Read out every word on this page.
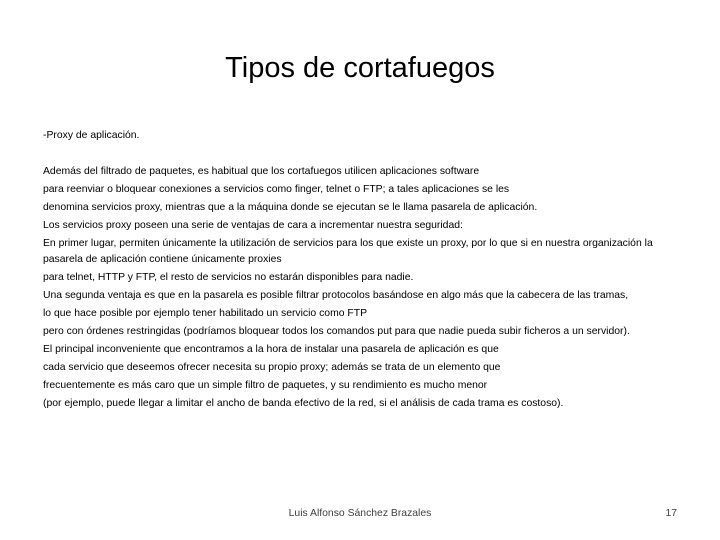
Tipos de cortafuegos

-Proxy de aplicación.

Además del filtrado de paquetes, es habitual que los cortafuegos utilicen aplicaciones software

para reenviar o bloquear conexiones a servicios como finger, telnet o FTP; a tales aplicaciones se les

denomina servicios proxy, mientras que a la máquina donde se ejecutan se le llama pasarela de aplicación.

Los servicios proxy poseen una serie de ventajas de cara a incrementar nuestra seguridad:

En primer lugar, permiten únicamente la utilización de servicios para los que existe un proxy, por lo que si en nuestra organización la pasarela de aplicación contiene únicamente proxies

para telnet, HTTP y FTP, el resto de servicios no estarán disponibles para nadie.

Una segunda ventaja es que en la pasarela es posible filtrar protocolos basándose en algo más que la cabecera de las tramas,

lo que hace posible por ejemplo tener habilitado un servicio como FTP

pero con órdenes restringidas (podríamos bloquear todos los comandos put para que nadie pueda subir ficheros a un servidor).

El principal inconveniente que encontramos a la hora de instalar una pasarela de aplicación es que

cada servicio que deseemos ofrecer necesita su propio proxy; además se trata de un elemento que

frecuentemente es más caro que un simple filtro de paquetes, y su rendimiento es mucho menor

(por ejemplo, puede llegar a limitar el ancho de banda efectivo de la red, si el análisis de cada trama es costoso).

Luis Alfonso Sánchez Brazales	17
